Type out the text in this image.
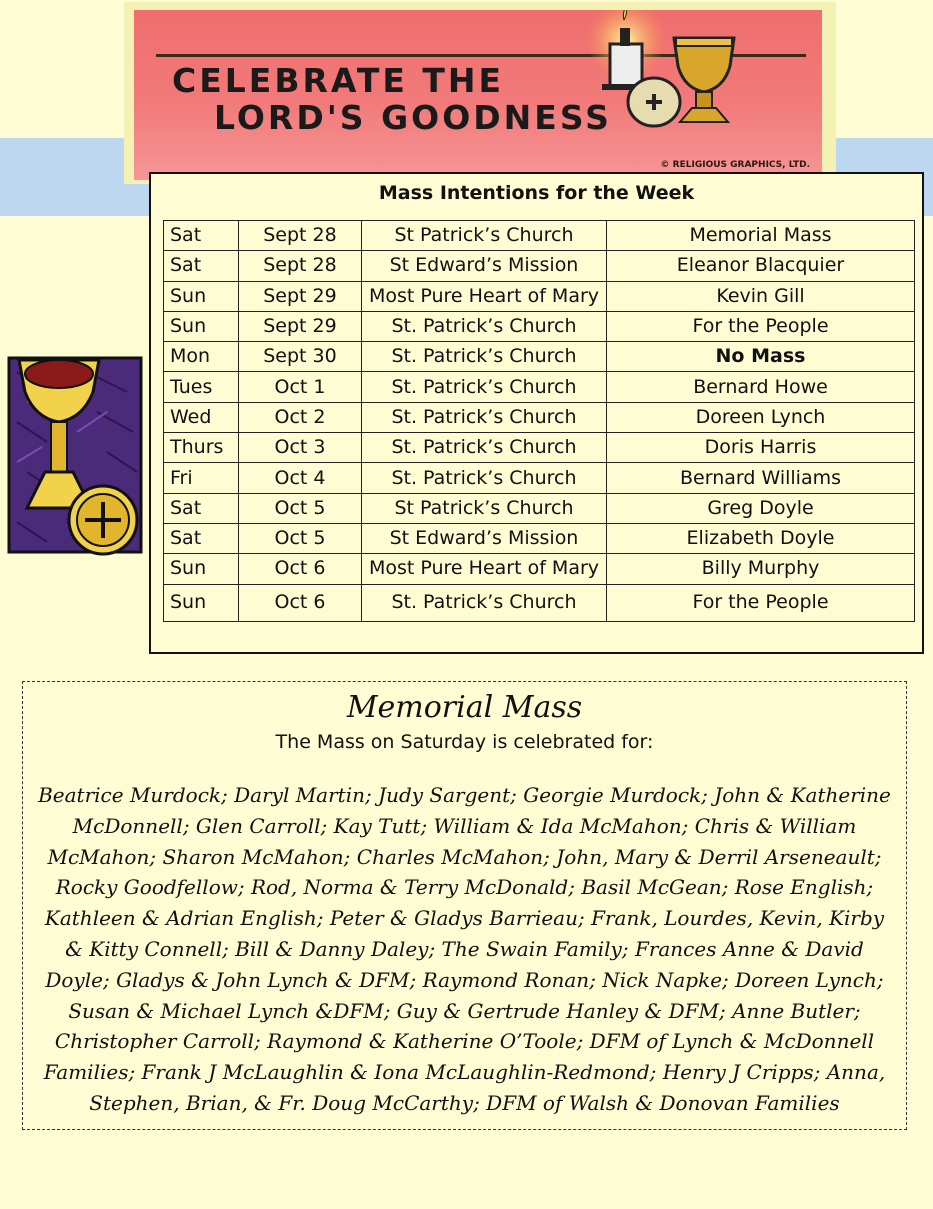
CELEBRATE THE
LORD'S GOODNESS
© RELIGIOUS GRAPHICS, LTD.
Mass Intentions for the Week
Sat	Sept 28	St Patrick’s Church	Memorial Mass
Sat	Sept 28	St Edward’s Mission	Eleanor Blacquier
Sun	Sept 29	Most Pure Heart of Mary	Kevin Gill
Sun	Sept 29	St. Patrick’s Church	For the People
Mon	Sept 30	St. Patrick’s Church	No Mass
Tues	Oct 1	St. Patrick’s Church	Bernard Howe
Wed	Oct 2	St. Patrick’s Church	Doreen Lynch
Thurs	Oct 3	St. Patrick’s Church	Doris Harris
Fri	Oct 4	St. Patrick’s Church	Bernard Williams
Sat	Oct 5	St Patrick’s Church	Greg Doyle
Sat	Oct 5	St Edward’s Mission	Elizabeth Doyle
Sun	Oct 6	Most Pure Heart of Mary	Billy Murphy
Sun	Oct 6	St. Patrick’s Church	For the People
Memorial Mass
The Mass on Saturday is celebrated for:
Beatrice Murdock; Daryl Martin; Judy Sargent; Georgie Murdock; John & Katherine McDonnell; Glen Carroll; Kay Tutt; William & Ida McMahon; Chris & William McMahon; Sharon McMahon; Charles McMahon; John, Mary & Derril Arseneault; Rocky Goodfellow; Rod, Norma & Terry McDonald; Basil McGean; Rose English; Kathleen & Adrian English; Peter & Gladys Barrieau; Frank, Lourdes, Kevin, Kirby & Kitty Connell; Bill & Danny Daley; The Swain Family; Frances Anne & David Doyle; Gladys & John Lynch & DFM; Raymond Ronan; Nick Napke; Doreen Lynch; Susan & Michael Lynch &DFM; Guy & Gertrude Hanley & DFM; Anne Butler; Christopher Carroll; Raymond & Katherine O’Toole; DFM of Lynch & McDonnell Families; Frank J McLaughlin & Iona McLaughlin-Redmond; Henry J Cripps; Anna, Stephen, Brian, & Fr. Doug McCarthy; DFM of Walsh & Donovan Families
